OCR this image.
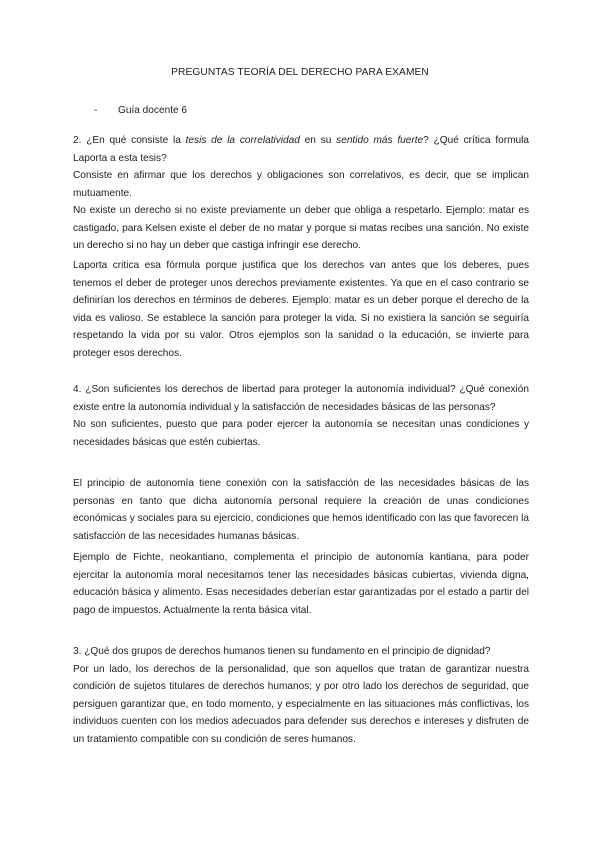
PREGUNTAS TEORÍA DEL DERECHO PARA EXAMEN
- Guía docente 6

2. ¿En qué consiste la tesis de la correlatividad en su sentido más fuerte? ¿Qué crítica formula Laporta a esta tesis?

Consiste en afirmar que los derechos y obligaciones son correlativos, es decir, que se implican mutuamente.

No existe un derecho si no existe previamente un deber que obliga a respetarlo. Ejemplo: matar es castigado, para Kelsen existe el deber de no matar y porque si matas recibes una sanción. No existe un derecho si no hay un deber que castiga infringir ese derecho.

Laporta critica esa fórmula porque justifica que los derechos van antes que los deberes, pues tenemos el deber de proteger unos derechos previamente existentes. Ya que en el caso contrario se definirían los derechos en términos de deberes. Ejemplo: matar es un deber porque el derecho de la vida es valioso. Se establece la sanción para proteger la vida. Si no existiera la sanción se seguiría respetando la vida por su valor. Otros ejemplos son la sanidad o la educación, se invierte para proteger esos derechos.

4. ¿Son suficientes los derechos de libertad para proteger la autonomía individual? ¿Qué conexión existe entre la autonomía individual y la satisfacción de necesidades básicas de las personas?

No son suficientes, puesto que para poder ejercer la autonomía se necesitan unas condiciones y necesidades básicas que estén cubiertas.

El principio de autonomía tiene conexión con la satisfacción de las necesidades básicas de las personas en tanto que dicha autonomía personal requiere la creación de unas condiciones económicas y sociales para su ejercicio, condiciones que hemos identificado con las que favorecen la satisfacción de las necesidades humanas básicas.

Ejemplo de Fichte, neokantiano, complementa el principio de autonomía kantiana, para poder ejercitar la autonomía moral necesitamos tener las necesidades básicas cubiertas, vivienda digna, educación básica y alimento. Esas necesidades deberían estar garantizadas por el estado a partir del pago de impuestos. Actualmente la renta básica vital.

3. ¿Qué dos grupos de derechos humanos tienen su fundamento en el principio de dignidad?

Por un lado, los derechos de la personalidad, que son aquellos que tratan de garantizar nuestra condición de sujetos titulares de derechos humanos; y por otro lado los derechos de seguridad, que persiguen garantizar que, en todo momento, y especialmente en las situaciones más conflictivas, los individuos cuenten con los medios adecuados para defender sus derechos e intereses y disfruten de un tratamiento compatible con su condición de seres humanos.
